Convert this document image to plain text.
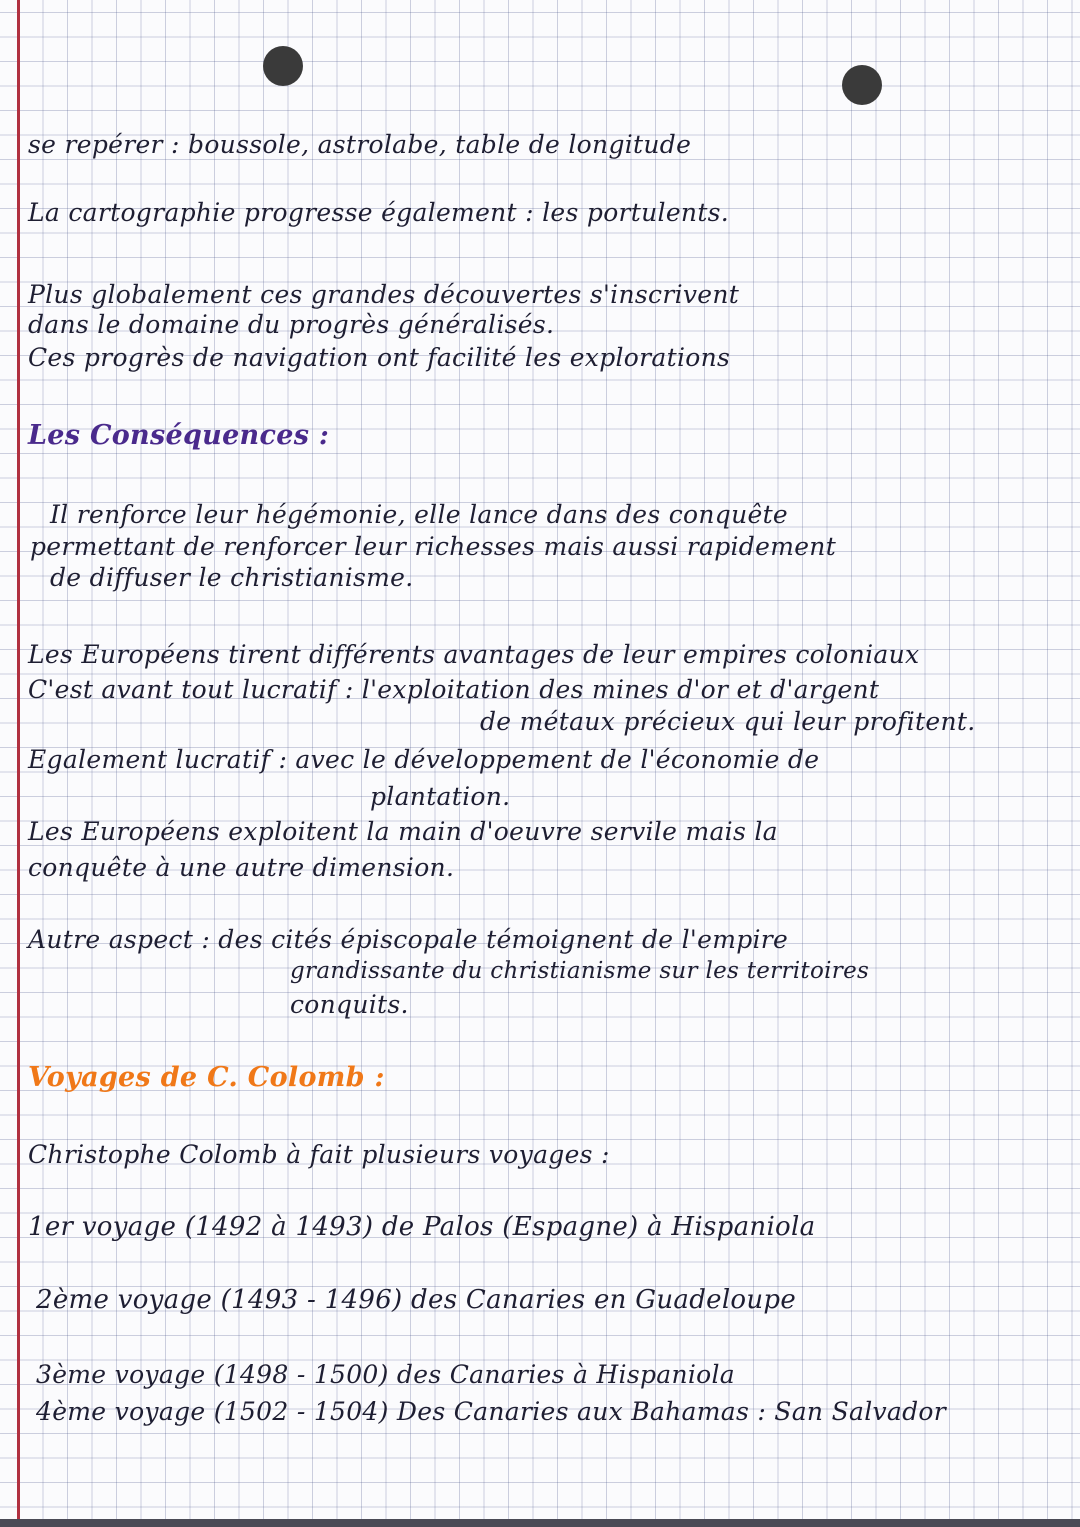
se repérer : boussole, astrolabe, table de longitude
La cartographie progresse également : les portulents.
Plus globalement ces grandes découvertes s'inscrivent
dans le domaine du progrès généralisés.
Ces progrès de navigation ont facilité les explorations
Les Conséquences :
Il renforce leur hégémonie, elle lance dans des conquête
permettant de renforcer leur richesses mais aussi rapidement
de diffuser le christianisme.
Les Européens tirent différents avantages de leur empires coloniaux
C'est avant tout lucratif : l'exploitation des mines d'or et d'argent
de métaux précieux qui leur profitent.
Egalement lucratif : avec le développement de l'économie de
plantation.
Les Européens exploitent la main d'oeuvre servile mais la
conquête à une autre dimension.
Autre aspect : des cités épiscopale témoignent de l'empire
grandissante du christianisme sur les territoires
conquits.
Voyages de C. Colomb :
Christophe Colomb à fait plusieurs voyages :
1er voyage (1492 à 1493) de Palos (Espagne) à Hispaniola
2ème voyage (1493 - 1496) des Canaries en Guadeloupe
3ème voyage (1498 - 1500) des Canaries à Hispaniola
4ème voyage (1502 - 1504) Des Canaries aux Bahamas : San Salvador
